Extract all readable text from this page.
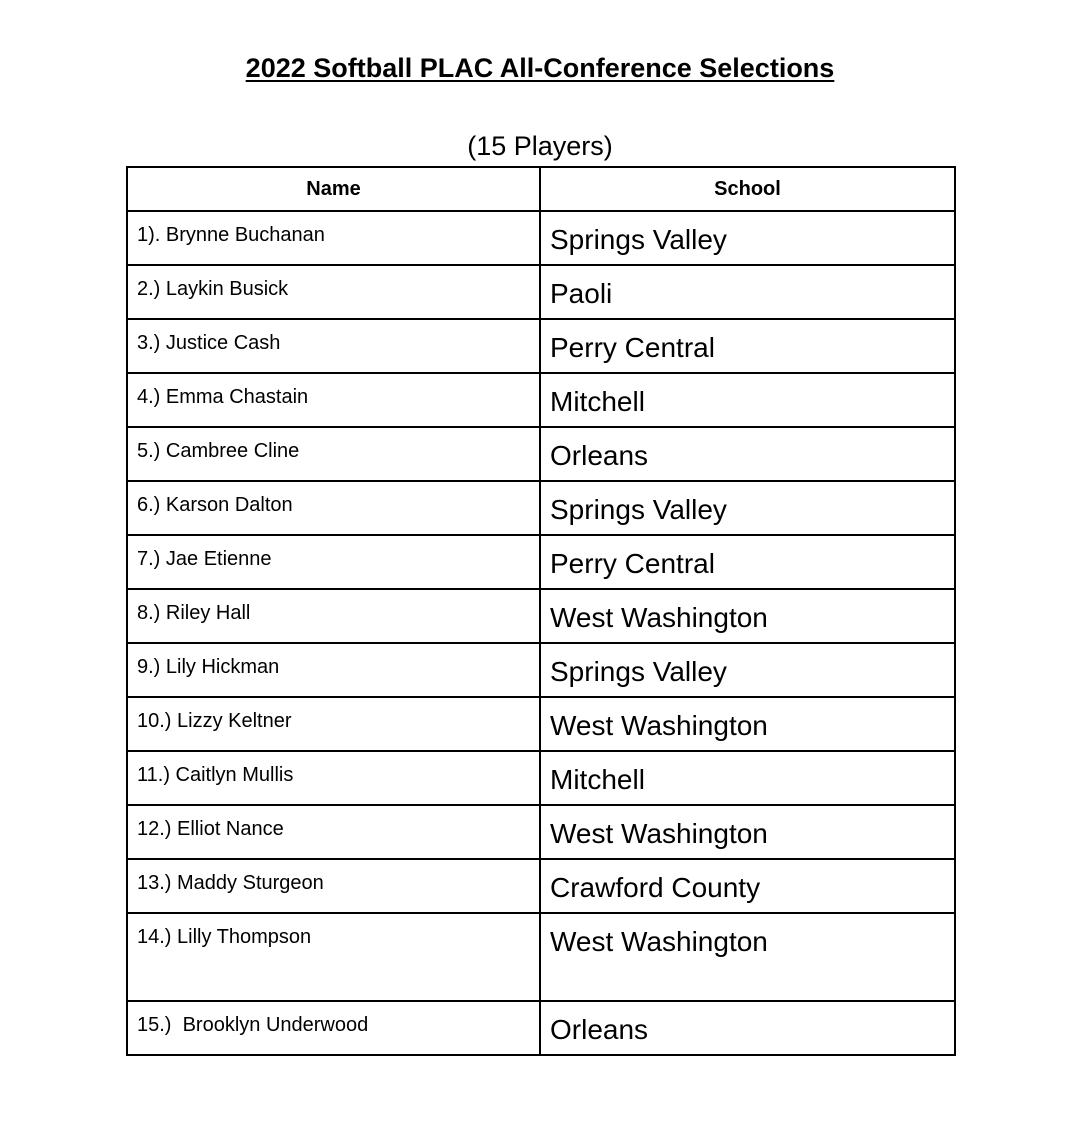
2022 Softball PLAC All-Conference Selections

(15 Players)

Name	School

1). Brynne Buchanan	Springs Valley

2.) Laykin Busick	Paoli

3.) Justice Cash	Perry Central

4.) Emma Chastain	Mitchell

5.) Cambree Cline	Orleans

6.) Karson Dalton	Springs Valley

7.) Jae Etienne	Perry Central

8.) Riley Hall	West Washington

9.) Lily Hickman	Springs Valley

10.) Lizzy Keltner	West Washington

11.) Caitlyn Mullis	Mitchell

12.) Elliot Nance	West Washington

13.) Maddy Sturgeon	Crawford County

14.) Lilly Thompson	West Washington

15.)  Brooklyn Underwood	Orleans
